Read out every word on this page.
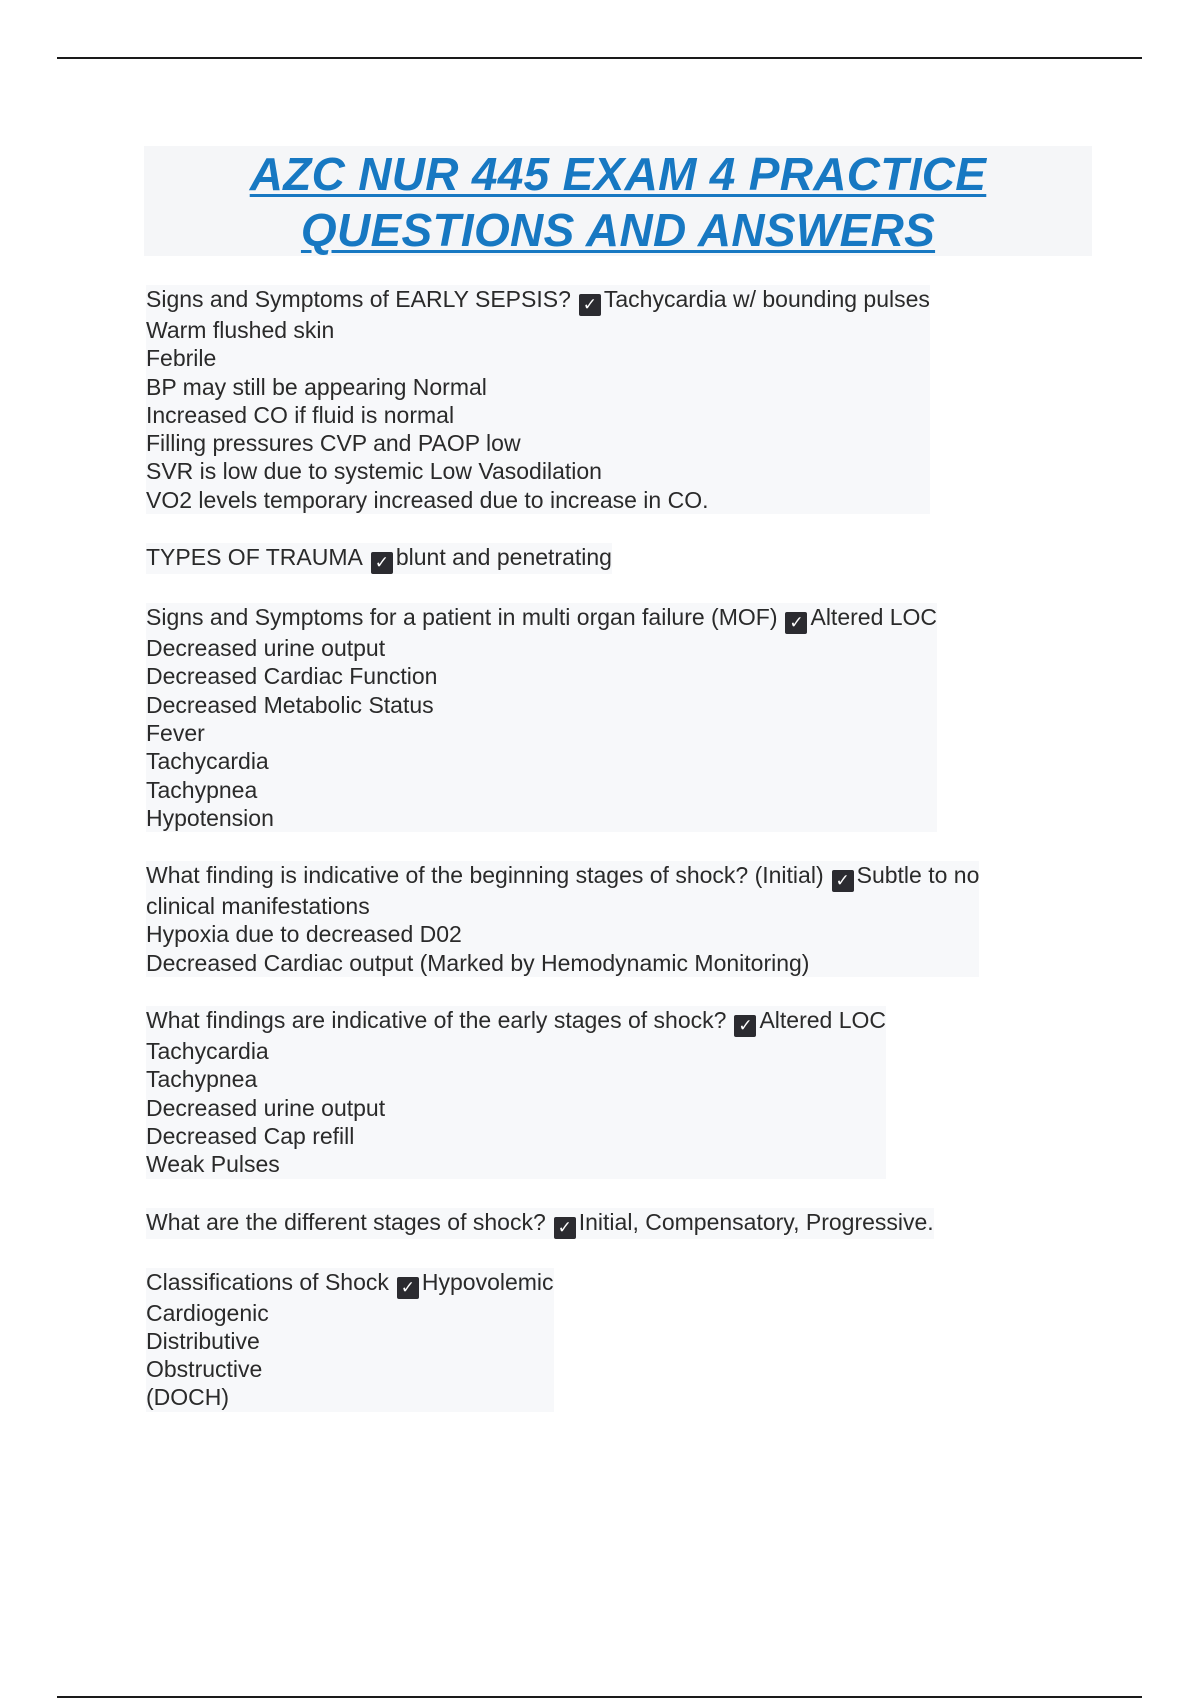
AZC NUR 445 EXAM 4 PRACTICE
QUESTIONS AND ANSWERS
Signs and Symptoms of EARLY SEPSIS? ✓ Tachycardia w/ bounding pulses
Warm flushed skin
Febrile
BP may still be appearing Normal
Increased CO if fluid is normal
Filling pressures CVP and PAOP low
SVR is low due to systemic Low Vasodilation
VO2 levels temporary increased due to increase in CO.
TYPES OF TRAUMA ✓ blunt and penetrating
Signs and Symptoms for a patient in multi organ failure (MOF) ✓ Altered LOC
Decreased urine output
Decreased Cardiac Function
Decreased Metabolic Status
Fever
Tachycardia
Tachypnea
Hypotension
What finding is indicative of the beginning stages of shock? (Initial) ✓ Subtle to no
clinical manifestations
Hypoxia due to decreased D02
Decreased Cardiac output (Marked by Hemodynamic Monitoring)
What findings are indicative of the early stages of shock? ✓ Altered LOC
Tachycardia
Tachypnea
Decreased urine output
Decreased Cap refill
Weak Pulses
What are the different stages of shock? ✓ Initial, Compensatory, Progressive.
Classifications of Shock ✓ Hypovolemic
Cardiogenic
Distributive
Obstructive
(DOCH)
